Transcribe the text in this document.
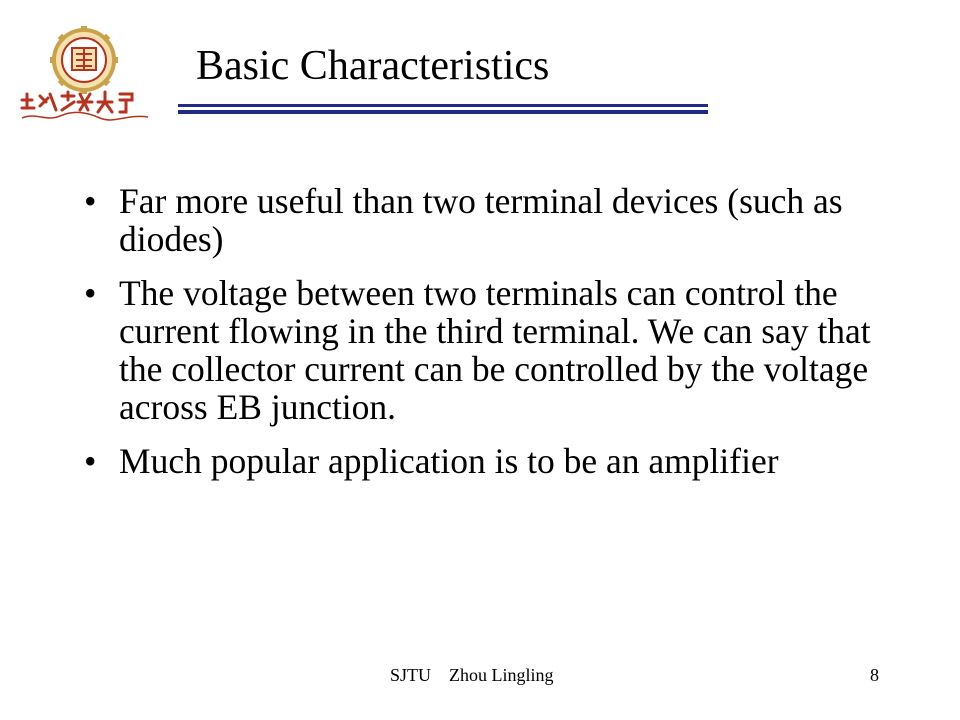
Basic Characteristics
• Far more useful than two terminal devices (such as diodes)
• The voltage between two terminals can control the current flowing in the third terminal. We can say that the collector current can be controlled by the voltage across EB junction.
• Much popular application is to be an amplifier
SJTU    Zhou Lingling	8
